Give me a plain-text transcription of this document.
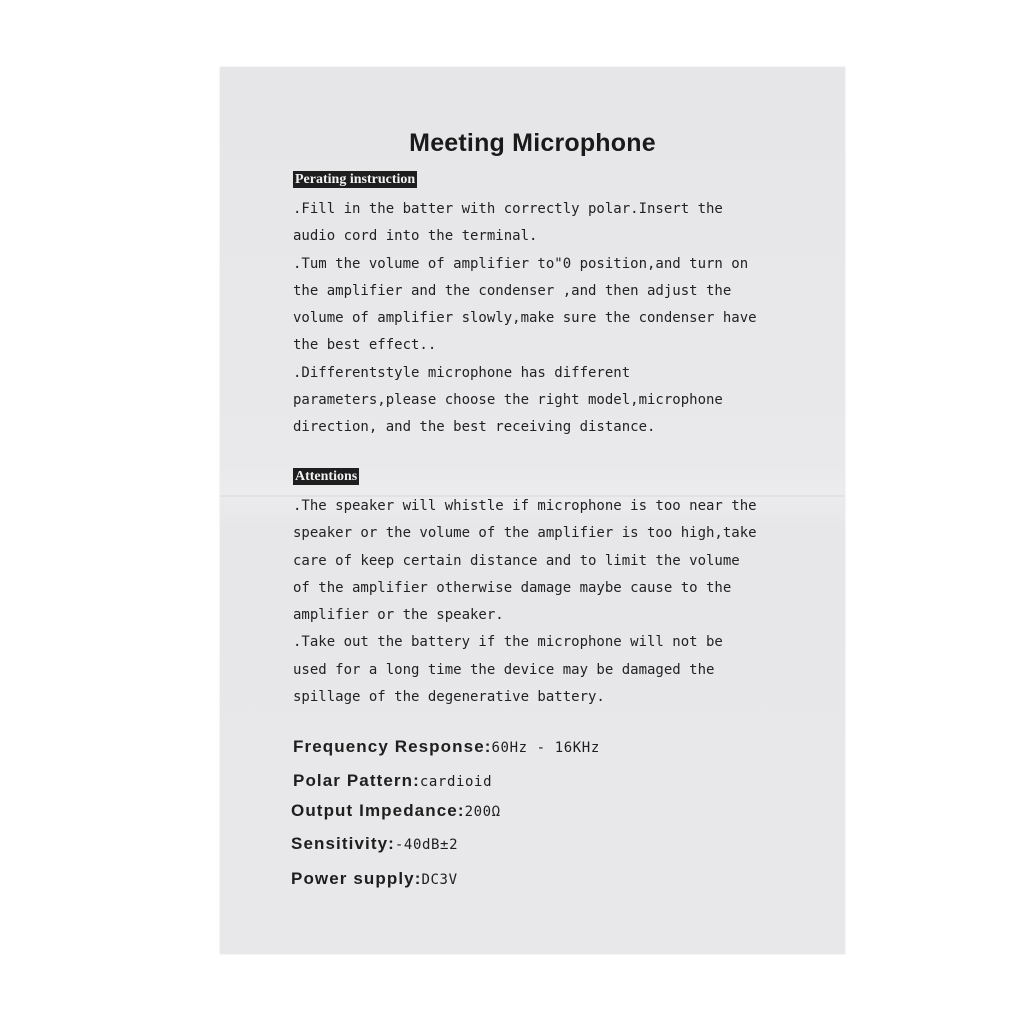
Meeting Microphone
Perating instruction
.Fill in the batter with correctly polar.Insert the
audio cord into the terminal.
.Tum the volume of amplifier to"0 position,and turn on
the amplifier and the condenser ,and then adjust the
volume of amplifier slowly,make sure the condenser have
the best effect..
.Differentstyle microphone has different
parameters,please choose the right model,microphone
direction, and the best receiving distance.
Attentions
.The speaker will whistle if microphone is too near the
speaker or the volume of the amplifier is too high,take
care of keep certain distance and to limit the volume
of the amplifier otherwise damage maybe cause to the
amplifier or the speaker.
.Take out the battery if the microphone will not be
used for a long time the device may be damaged the
spillage of the degenerative battery.
Frequency Response:60Hz - 16KHz
Polar Pattern:cardioid
Output Impedance:200Ω
Sensitivity:-40dB±2
Power supply:DC3V
